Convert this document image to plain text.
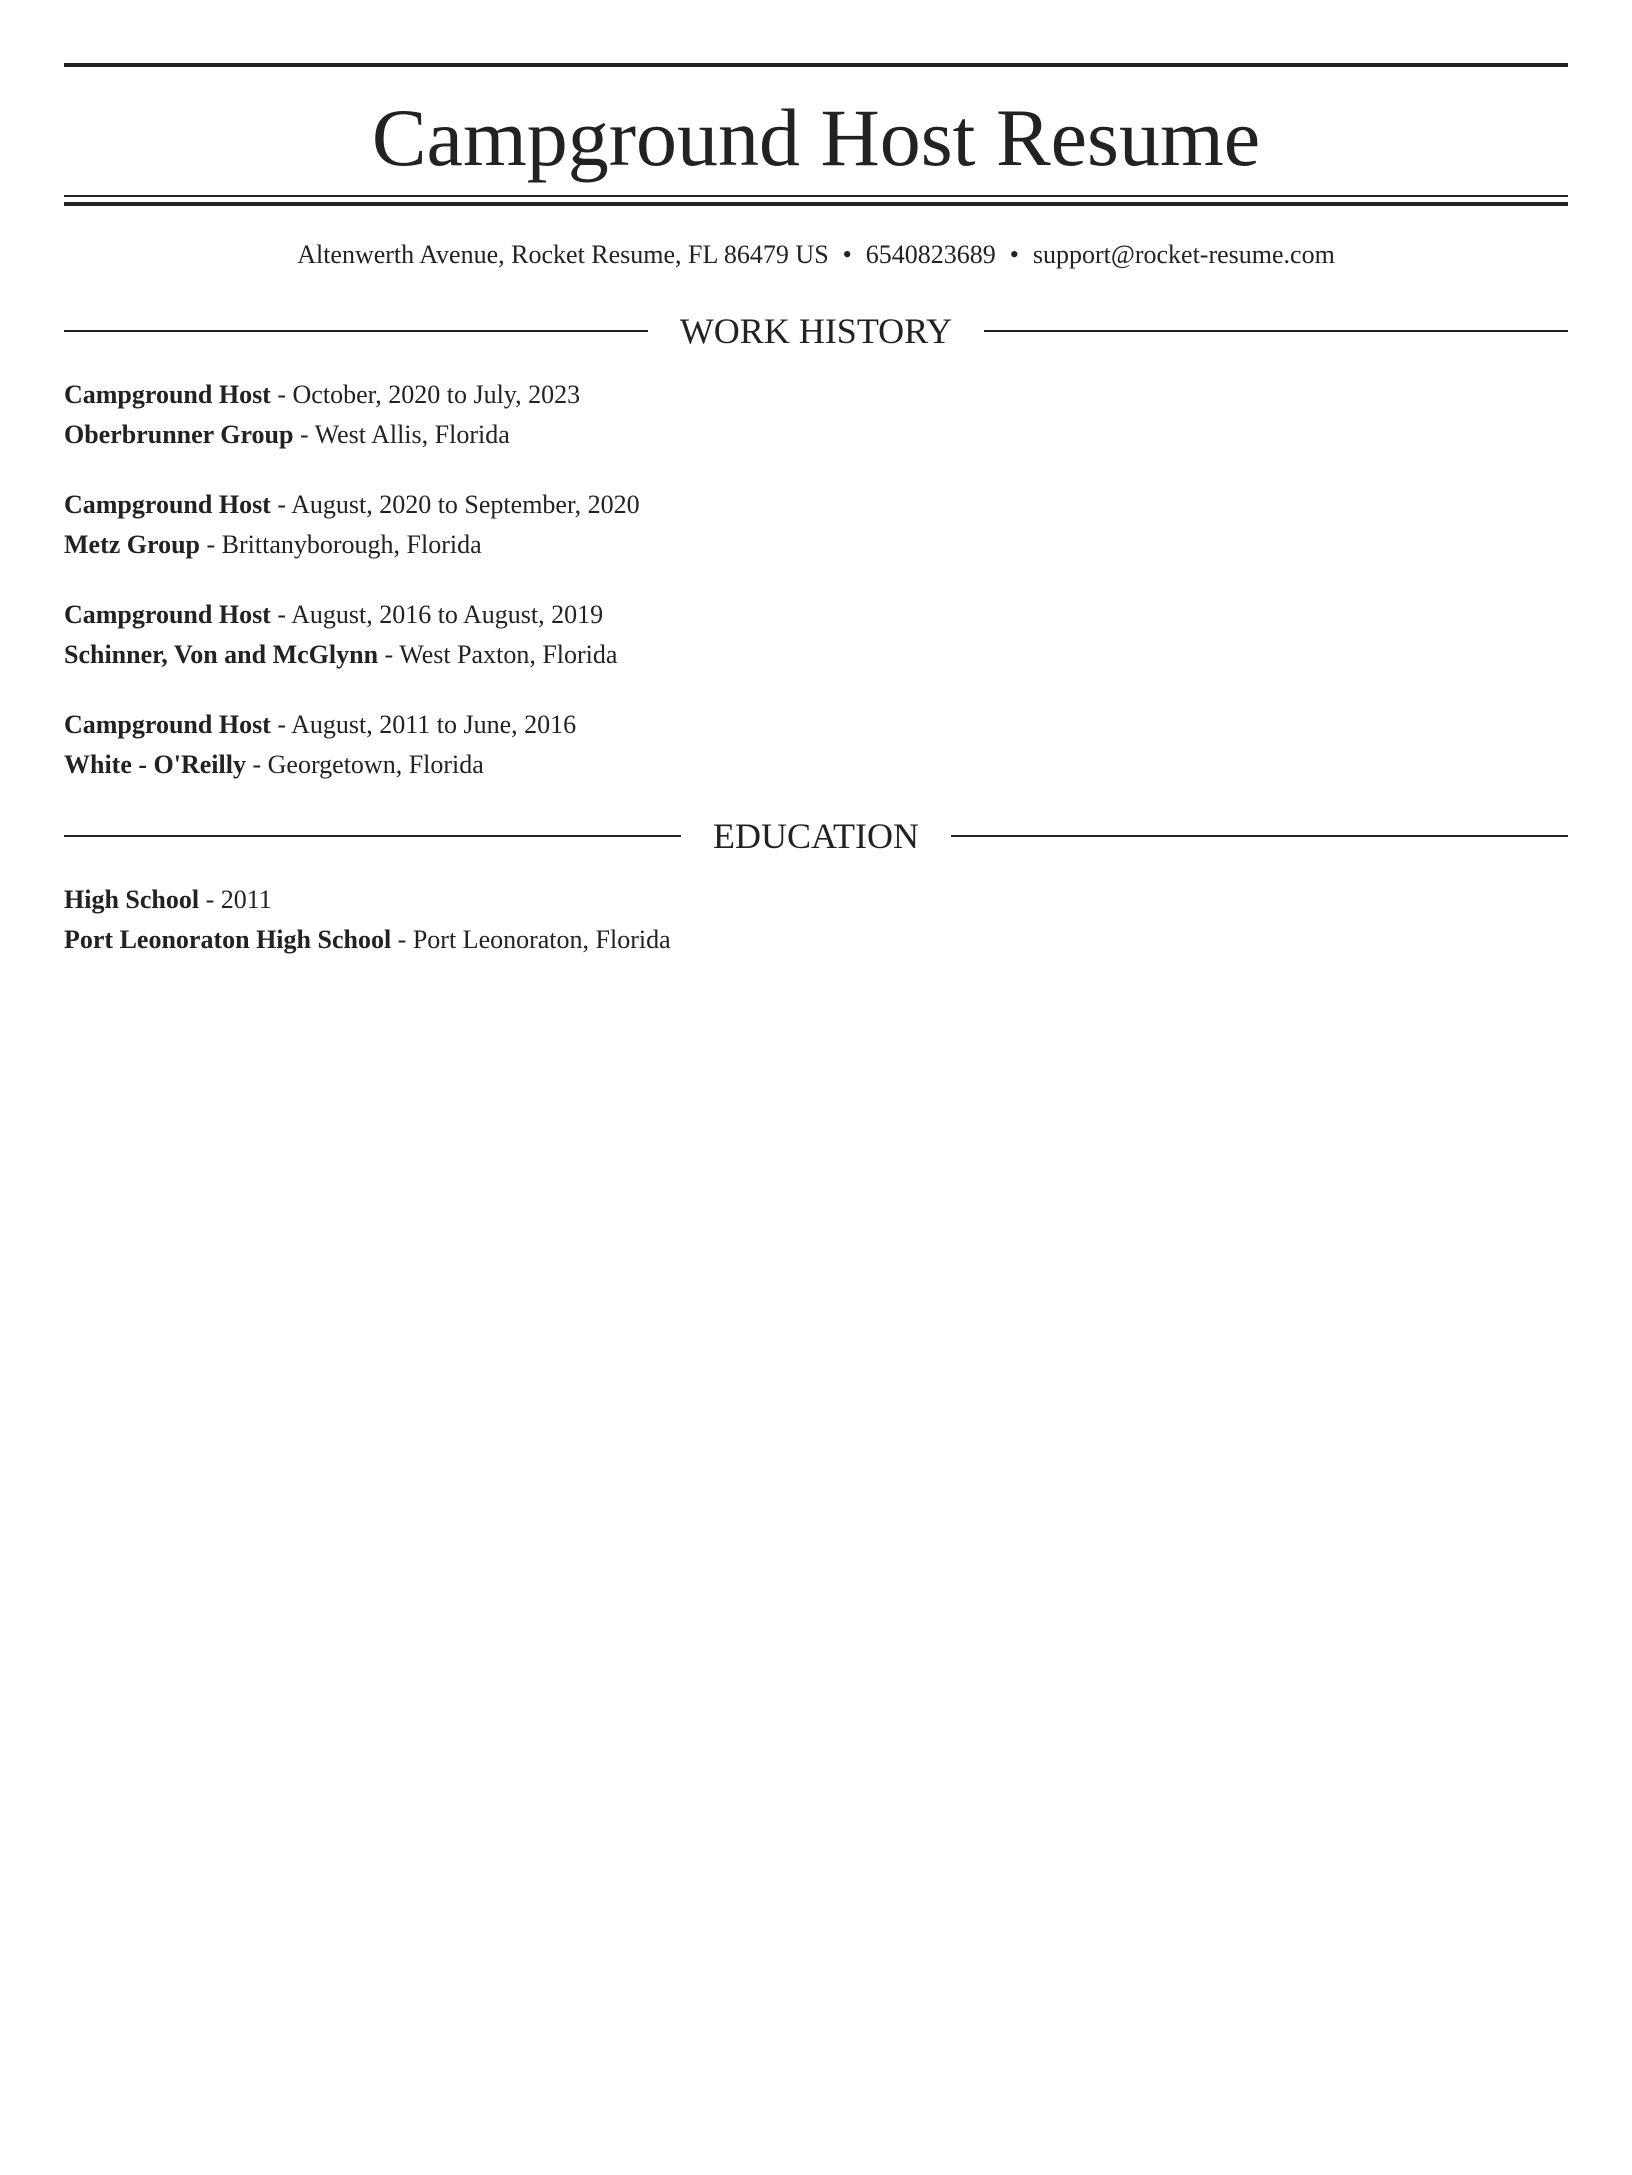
Campground Host Resume
Altenwerth Avenue, Rocket Resume, FL 86479 US • 6540823689 • support@rocket-resume.com
WORK HISTORY
Campground Host - October, 2020 to July, 2023
Oberbrunner Group - West Allis, Florida
Campground Host - August, 2020 to September, 2020
Metz Group - Brittanyborough, Florida
Campground Host - August, 2016 to August, 2019
Schinner, Von and McGlynn - West Paxton, Florida
Campground Host - August, 2011 to June, 2016
White - O'Reilly - Georgetown, Florida
EDUCATION
High School - 2011
Port Leonoraton High School - Port Leonoraton, Florida
